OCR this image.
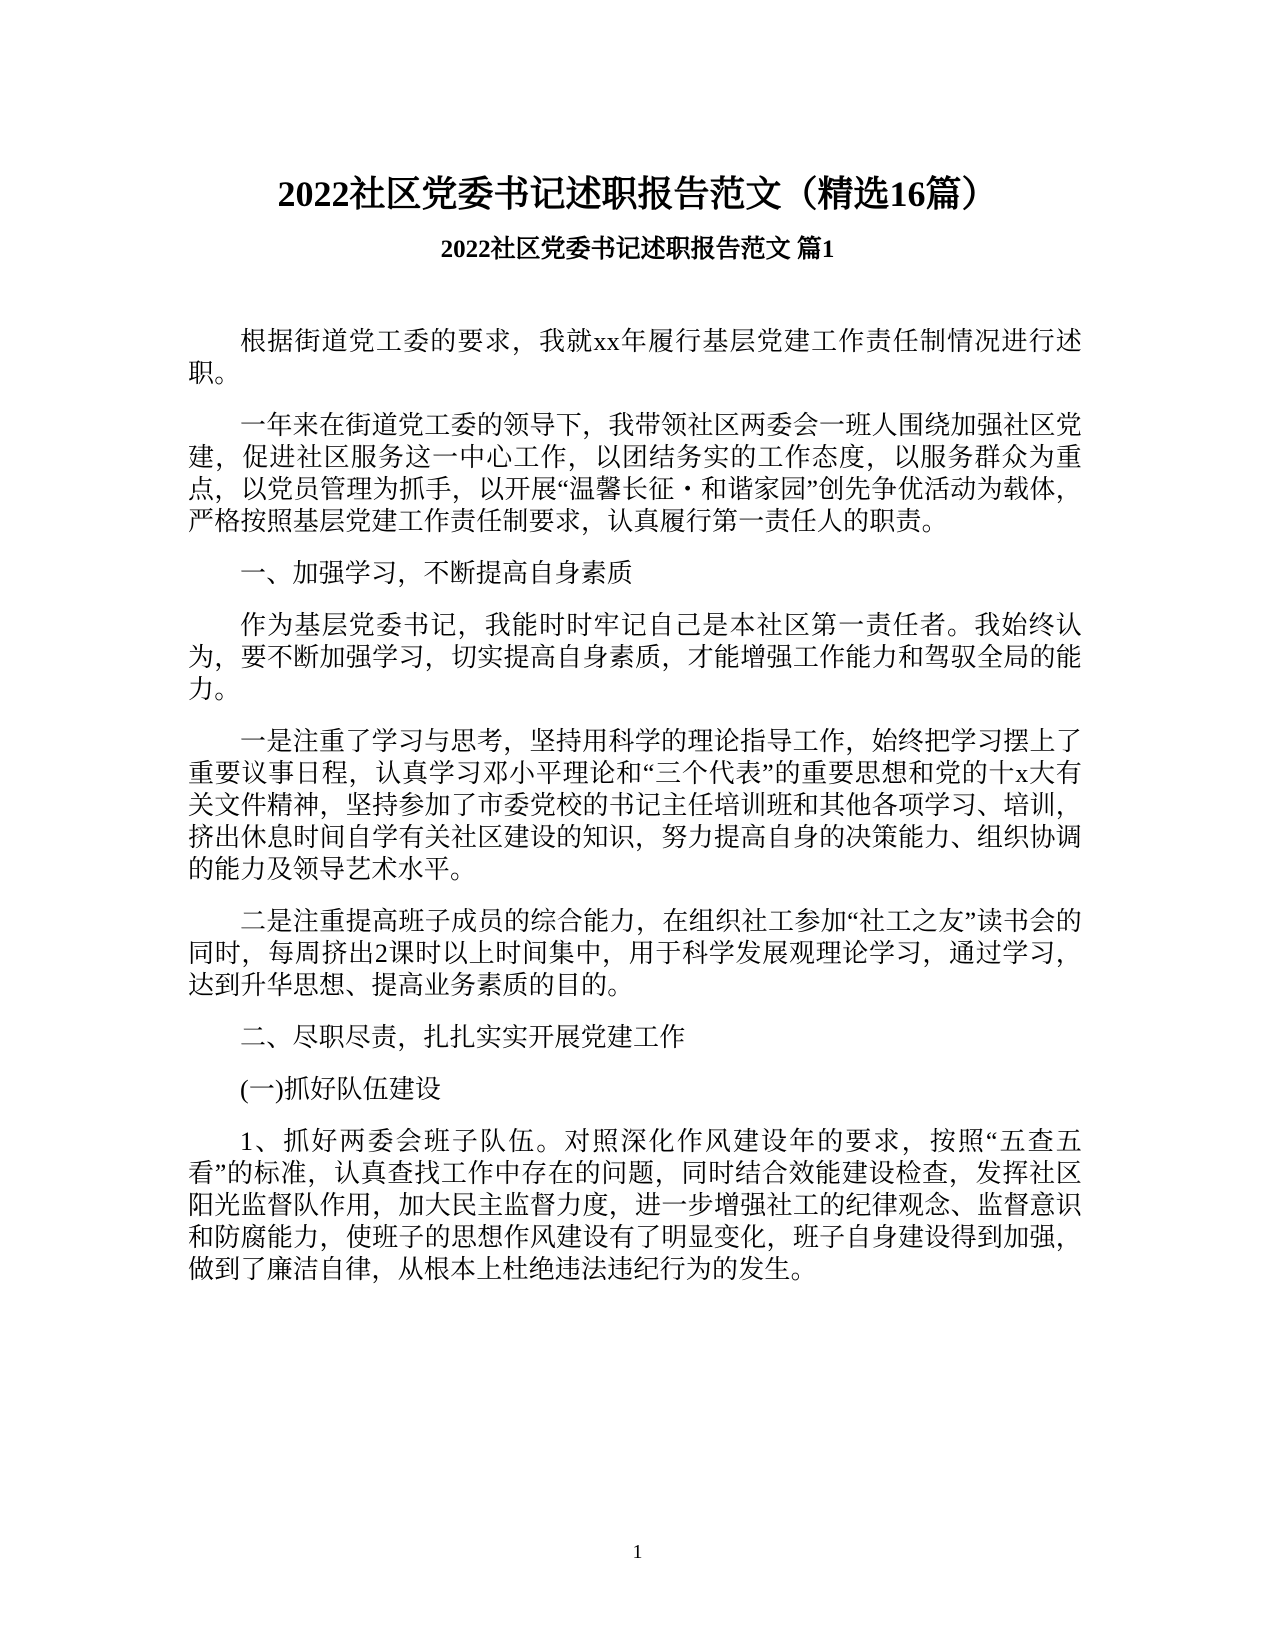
2022社区党委书记述职报告范文（精选16篇）
2022社区党委书记述职报告范文 篇1

根据街道党工委的要求，我就xx年履行基层党建工作责任制情况进行述职。

一年来在街道党工委的领导下，我带领社区两委会一班人围绕加强社区党建，促进社区服务这一中心工作，以团结务实的工作态度，以服务群众为重点，以党员管理为抓手，以开展“温馨长征・和谐家园”创先争优活动为载体，严格按照基层党建工作责任制要求，认真履行第一责任人的职责。

一、加强学习，不断提高自身素质

作为基层党委书记，我能时时牢记自己是本社区第一责任者。我始终认为，要不断加强学习，切实提高自身素质，才能增强工作能力和驾驭全局的能力。

一是注重了学习与思考，坚持用科学的理论指导工作，始终把学习摆上了重要议事日程，认真学习邓小平理论和“三个代表”的重要思想和党的十x大有关文件精神，坚持参加了市委党校的书记主任培训班和其他各项学习、培训，挤出休息时间自学有关社区建设的知识，努力提高自身的决策能力、组织协调的能力及领导艺术水平。

二是注重提高班子成员的综合能力，在组织社工参加“社工之友”读书会的同时，每周挤出2课时以上时间集中，用于科学发展观理论学习，通过学习，达到升华思想、提高业务素质的目的。

二、尽职尽责，扎扎实实开展党建工作

(一)抓好队伍建设

1、抓好两委会班子队伍。对照深化作风建设年的要求，按照“五查五看”的标准，认真查找工作中存在的问题，同时结合效能建设检查，发挥社区阳光监督队作用，加大民主监督力度，进一步增强社工的纪律观念、监督意识和防腐能力，使班子的思想作风建设有了明显变化，班子自身建设得到加强，做到了廉洁自律，从根本上杜绝违法违纪行为的发生。

1
